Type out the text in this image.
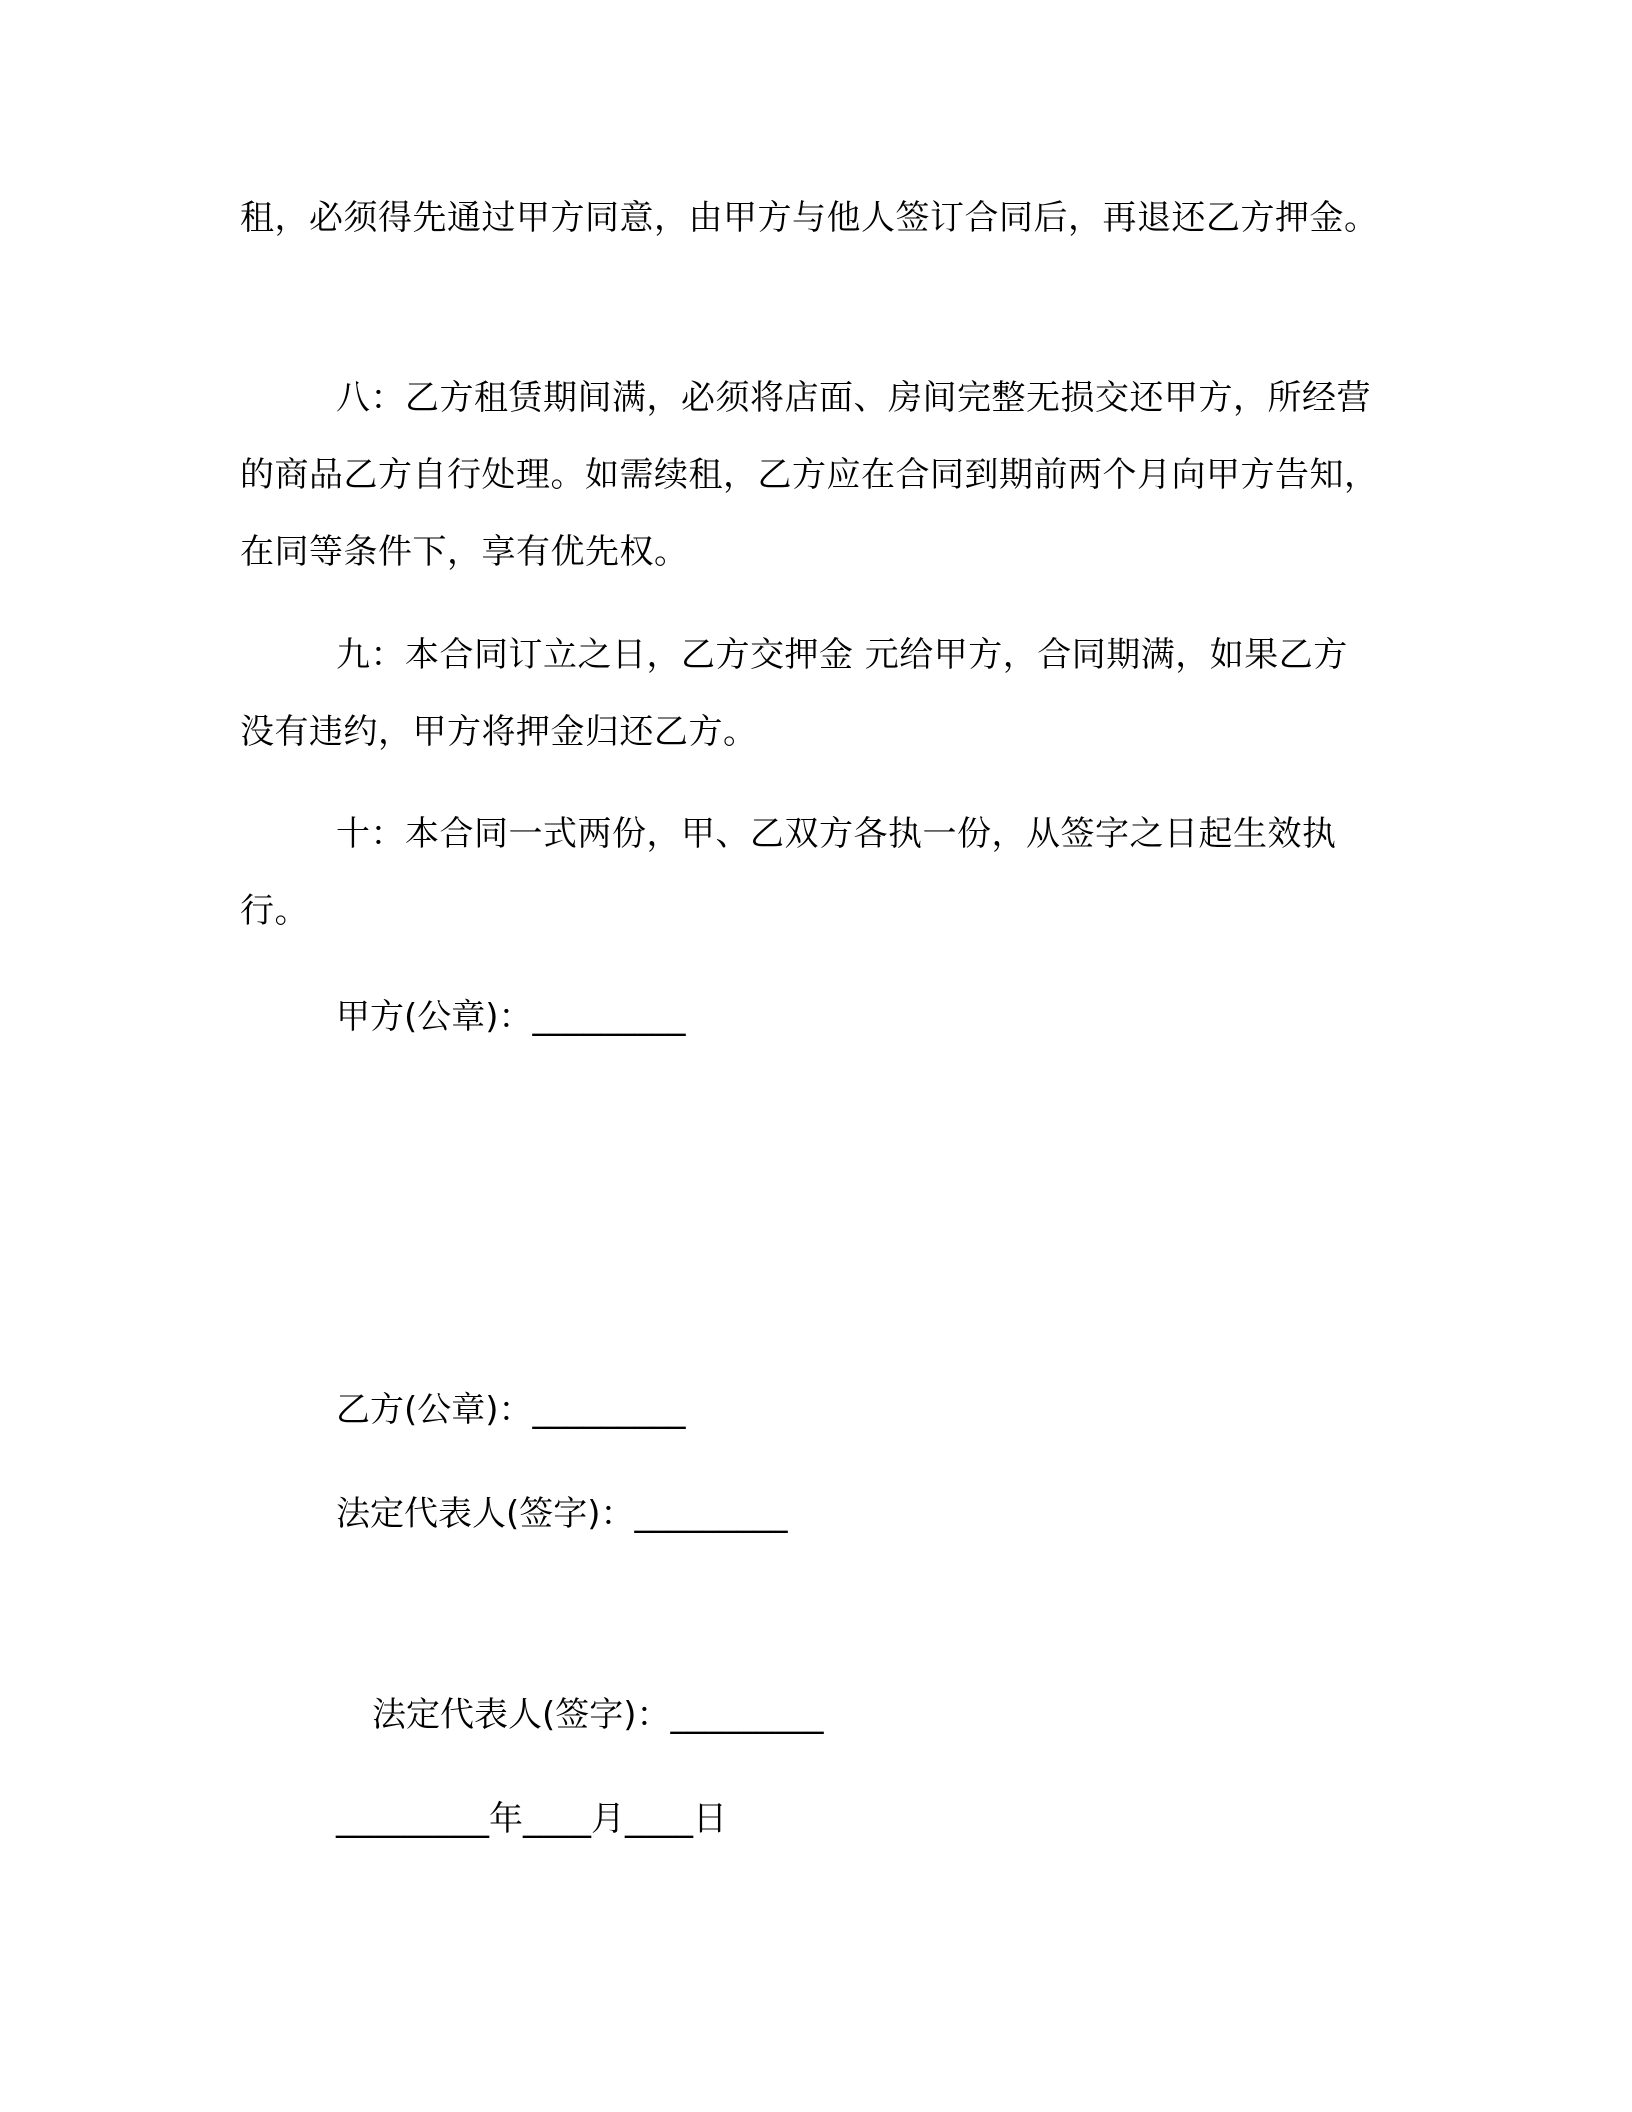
租，必须得先通过甲方同意，由甲方与他人签订合同后，再退还乙方押金。

八：乙方租赁期间满，必须将店面、房间完整无损交还甲方，所经营的商品乙方自行处理。如需续租，乙方应在合同到期前两个月向甲方告知，在同等条件下，享有优先权。

九：本合同订立之日，乙方交押金 元给甲方，合同期满，如果乙方没有违约，甲方将押金归还乙方。

十：本合同一式两份，甲、乙双方各执一份，从签字之日起生效执行。

甲方(公章)：_________

乙方(公章)：_________

法定代表人(签字)：_________

法定代表人(签字)：_________

_________年____月____日
